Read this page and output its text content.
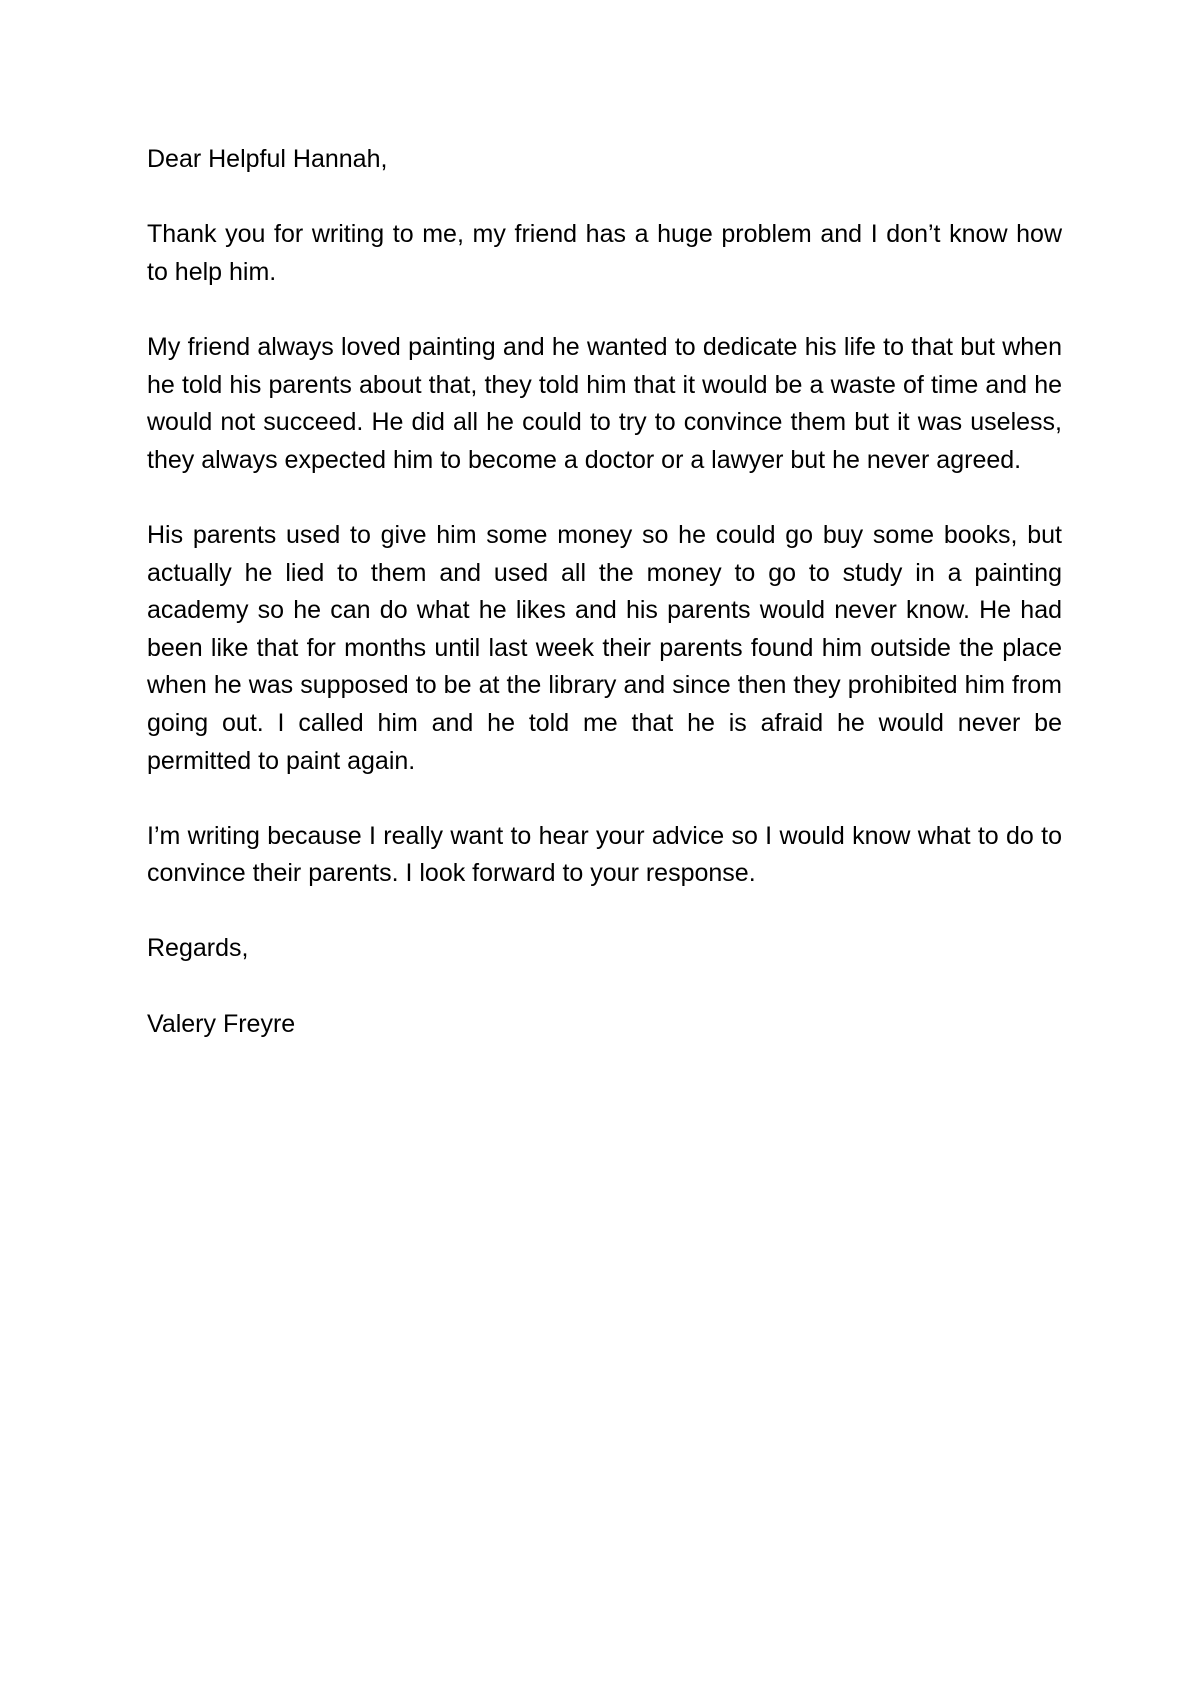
Dear Helpful Hannah,

Thank you for writing to me, my friend has a huge problem and I don’t know how to help him.

My friend always loved painting and he wanted to dedicate his life to that but when he told his parents about that, they told him that it would be a waste of time and he would not succeed. He did all he could to try to convince them but it was useless, they always expected him to become a doctor or a lawyer but he never agreed.

His parents used to give him some money so he could go buy some books, but actually he lied to them and used all the money to go to study in a painting academy so he can do what he likes and his parents would never know. He had been like that for months until last week their parents found him outside the place when he was supposed to be at the library and since then they prohibited him from going out. I called him and he told me that he is afraid he would never be permitted to paint again.

I’m writing because I really want to hear your advice so I would know what to do to convince their parents. I look forward to your response.

Regards,

Valery Freyre
